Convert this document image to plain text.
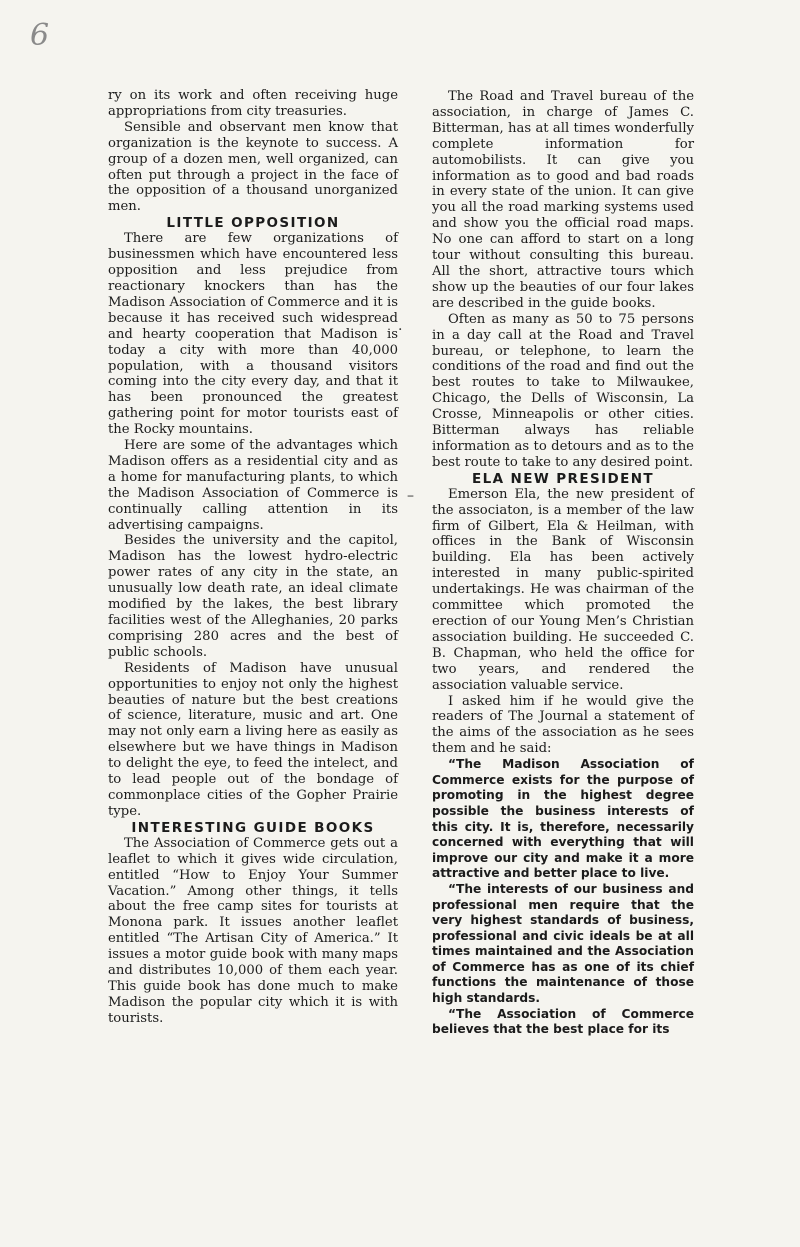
6

ry on its work and often receiving huge appropriations from city treasuries.

Sensible and observant men know that organization is the keynote to success. A group of a dozen men, well organized, can often put through a project in the face of the opposition of a thousand unorganized men.

LITTLE OPPOSITION

There are few organizations of businessmen which have encountered less opposition and less prejudice from reactionary knockers than has the Madison Association of Commerce and it is because it has received such widespread and hearty cooperation that Madison is today a city with more than 40,000 population, with a thousand visitors coming into the city every day, and that it has been pronounced the greatest gathering point for motor tourists east of the Rocky mountains.

Here are some of the advantages which Madison offers as a residential city and as a home for manufacturing plants, to which the Madison Association of Commerce is continually calling attention in its advertising campaigns.

Besides the university and the capitol, Madison has the lowest hydro-electric power rates of any city in the state, an unusually low death rate, an ideal climate modified by the lakes, the best library facilities west of the Alleghanies, 20 parks comprising 280 acres and the best of public schools.

Residents of Madison have unusual opportunities to enjoy not only the highest beauties of nature but the best creations of science, literature, music and art. One may not only earn a living here as easily as elsewhere but we have things in Madison to delight the eye, to feed the intelect, and to lead people out of the bondage of commonplace cities of the Gopher Prairie type.

INTERESTING GUIDE BOOKS

The Association of Commerce gets out a leaflet to which it gives wide circulation, entitled “How to Enjoy Your Summer Vacation.” Among other things, it tells about the free camp sites for tourists at Monona park. It issues another leaflet entitled “The Artisan City of America.” It issues a motor guide book with many maps and distributes 10,000 of them each year. This guide book has done much to make Madison the popular city which it is with tourists.

The Road and Travel bureau of the association, in charge of James C. Bitterman, has at all times wonderfully complete information for automobilists. It can give you information as to good and bad roads in every state of the union. It can give you all the road marking systems used and show you the official road maps. No one can afford to start on a long tour without consulting this bureau. All the short, attractive tours which show up the beauties of our four lakes are described in the guide books.

Often as many as 50 to 75 persons in a day call at the Road and Travel bureau, or telephone, to learn the conditions of the road and find out the best routes to take to Milwaukee, Chicago, the Dells of Wisconsin, La Crosse, Minneapolis or other cities. Bitterman always has reliable information as to detours and as to the best route to take to any desired point.

ELA NEW PRESIDENT

Emerson Ela, the new president of the associaton, is a member of the law firm of Gilbert, Ela & Heilman, with offices in the Bank of Wisconsin building. Ela has been actively interested in many public-spirited undertakings. He was chairman of the committee which promoted the erection of our Young Men’s Christian association building. He succeeded C. B. Chapman, who held the office for two years, and rendered the association valuable service.

I asked him if he would give the readers of The Journal a statement of the aims of the association as he sees them and he said:

“The Madison Association of Commerce exists for the purpose of promoting in the highest degree possible the business interests of this city. It is, therefore, necessarily concerned with everything that will improve our city and make it a more attractive and better place to live.

“The interests of our business and professional men require that the very highest standards of business, professional and civic ideals be at all times maintained and the Association of Commerce has as one of its chief functions the maintenance of those high standards.

“The Association of Commerce believes that the best place for its

–
.
